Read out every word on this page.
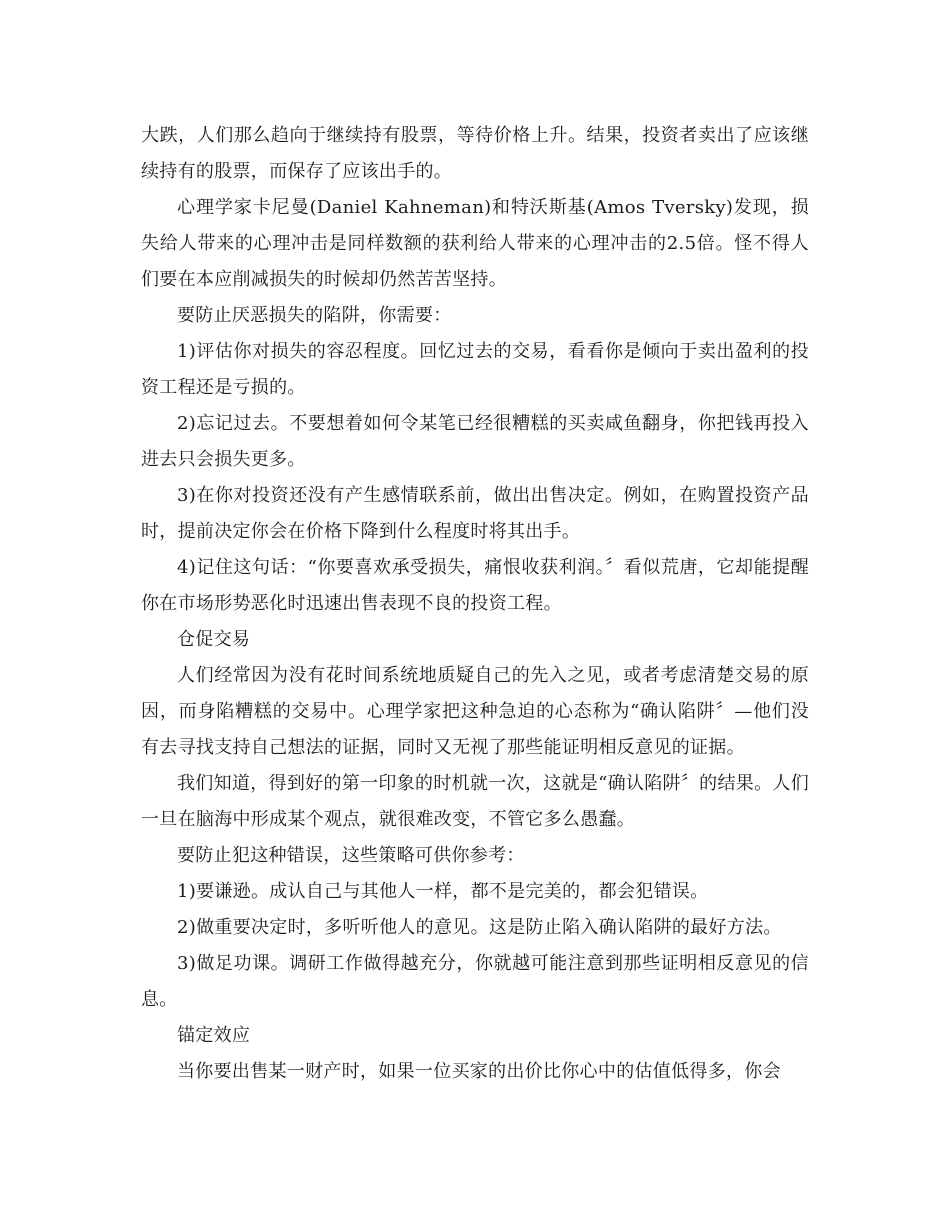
大跌，人们那么趋向于继续持有股票，等待价格上升。结果，投资者卖出了应该继续持有的股票，而保存了应该出手的。

心理学家卡尼曼(Daniel Kahneman)和特沃斯基(Amos Tversky)发现，损失给人带来的心理冲击是同样数额的获利给人带来的心理冲击的2.5倍。怪不得人们要在本应削减损失的时候却仍然苦苦坚持。

要防止厌恶损失的陷阱，你需要：

1)评估你对损失的容忍程度。回忆过去的交易，看看你是倾向于卖出盈利的投资工程还是亏损的。

2)忘记过去。不要想着如何令某笔已经很糟糕的买卖咸鱼翻身，你把钱再投入进去只会损失更多。

3)在你对投资还没有产生感情联系前，做出出售决定。例如，在购置投资产品时，提前决定你会在价格下降到什么程度时将其出手。

4)记住这句话：“你要喜欢承受损失，痛恨收获利润。〞看似荒唐，它却能提醒你在市场形势恶化时迅速出售表现不良的投资工程。

仓促交易

人们经常因为没有花时间系统地质疑自己的先入之见，或者考虑清楚交易的原因，而身陷糟糕的交易中。心理学家把这种急迫的心态称为“确认陷阱〞—他们没有去寻找支持自己想法的证据，同时又无视了那些能证明相反意见的证据。

我们知道，得到好的第一印象的时机就一次，这就是“确认陷阱〞的结果。人们一旦在脑海中形成某个观点，就很难改变，不管它多么愚蠢。

要防止犯这种错误，这些策略可供你参考：

1)要谦逊。成认自己与其他人一样，都不是完美的，都会犯错误。

2)做重要决定时，多听听他人的意见。这是防止陷入确认陷阱的最好方法。

3)做足功课。调研工作做得越充分，你就越可能注意到那些证明相反意见的信息。

锚定效应

当你要出售某一财产时，如果一位买家的出价比你心中的估值低得多，你会
